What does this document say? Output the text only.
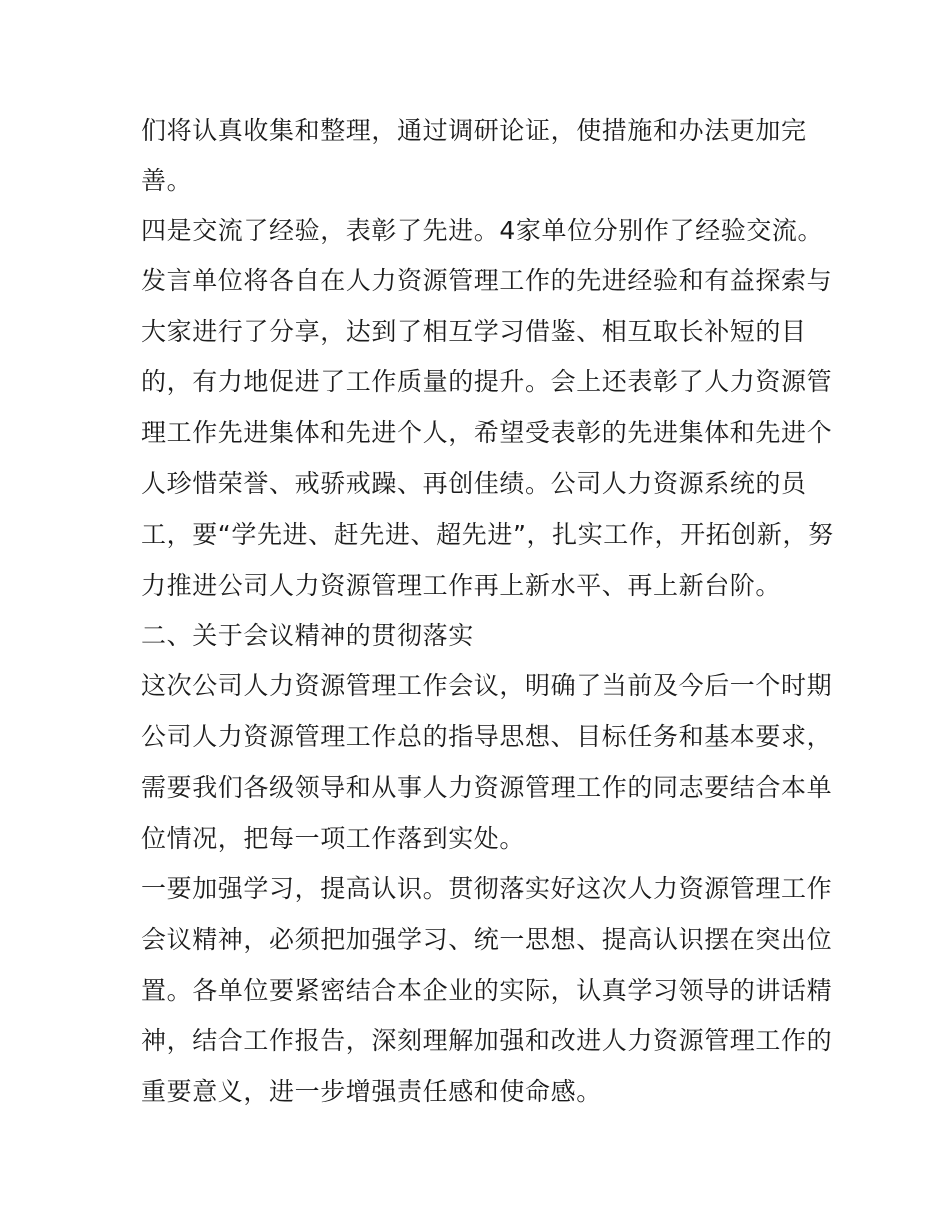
们将认真收集和整理，通过调研论证，使措施和办法更加完
善。
四是交流了经验，表彰了先进。4家单位分别作了经验交流。
发言单位将各自在人力资源管理工作的先进经验和有益探索与
大家进行了分享，达到了相互学习借鉴、相互取长补短的目
的，有力地促进了工作质量的提升。会上还表彰了人力资源管
理工作先进集体和先进个人，希望受表彰的先进集体和先进个
人珍惜荣誉、戒骄戒躁、再创佳绩。公司人力资源系统的员
工，要“学先进、赶先进、超先进”，扎实工作，开拓创新，努
力推进公司人力资源管理工作再上新水平、再上新台阶。
二、关于会议精神的贯彻落实
这次公司人力资源管理工作会议，明确了当前及今后一个时期
公司人力资源管理工作总的指导思想、目标任务和基本要求，
需要我们各级领导和从事人力资源管理工作的同志要结合本单
位情况，把每一项工作落到实处。
一要加强学习，提高认识。贯彻落实好这次人力资源管理工作
会议精神，必须把加强学习、统一思想、提高认识摆在突出位
置。各单位要紧密结合本企业的实际，认真学习领导的讲话精
神，结合工作报告，深刻理解加强和改进人力资源管理工作的
重要意义，进一步增强责任感和使命感。
